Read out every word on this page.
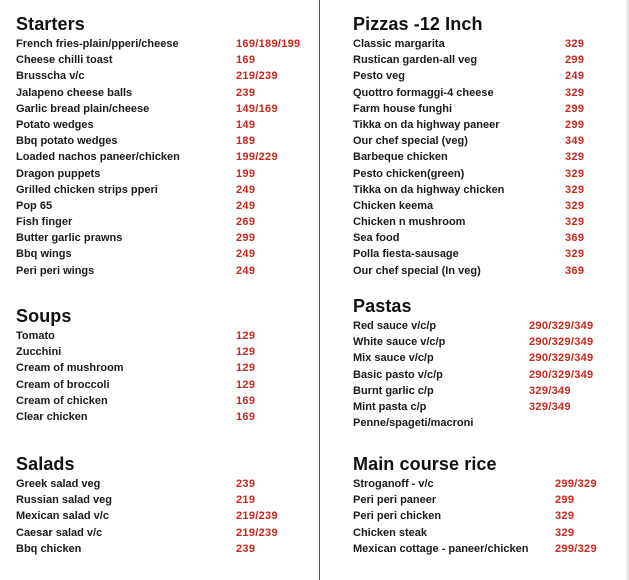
Starters
French fries-plain/pperi/cheese	169/189/199
Cheese chilli toast	169
Brusscha v/c	219/239
Jalapeno cheese balls	239
Garlic bread plain/cheese	149/169
Potato wedges	149
Bbq potato wedges	189
Loaded nachos paneer/chicken	199/229
Dragon puppets	199
Grilled chicken strips pperi	249
Pop 65	249
Fish finger	269
Butter garlic prawns	299
Bbq wings	249
Peri peri wings	249
Soups
Tomato	129
Zucchini	129
Cream of mushroom	129
Cream of broccoli	129
Cream of chicken	169
Clear chicken	169
Salads
Greek salad veg	239
Russian salad veg	219
Mexican salad v/c	219/239
Caesar salad v/c	219/239
Bbq chicken	239
Pizzas -12 Inch
Classic margarita	329
Rustican garden-all veg	299
Pesto veg	249
Quottro formaggi-4 cheese	329
Farm house funghi	299
Tikka on da highway paneer	299
Our chef special (veg)	349
Barbeque chicken	329
Pesto chicken(green)	329
Tikka on da highway chicken	329
Chicken keema	329
Chicken n mushroom	329
Sea food	369
Polla fiesta-sausage	329
Our chef special (In veg)	369
Pastas
Red sauce v/c/p	290/329/349
White sauce v/c/p	290/329/349
Mix sauce v/c/p	290/329/349
Basic pasto v/c/p	290/329/349
Burnt garlic c/p	329/349
Mint pasta c/p	329/349
Penne/spageti/macroni
Main course rice
Stroganoff - v/c	299/329
Peri peri paneer	299
Peri peri chicken	329
Chicken steak	329
Mexican cottage - paneer/chicken 299/329
